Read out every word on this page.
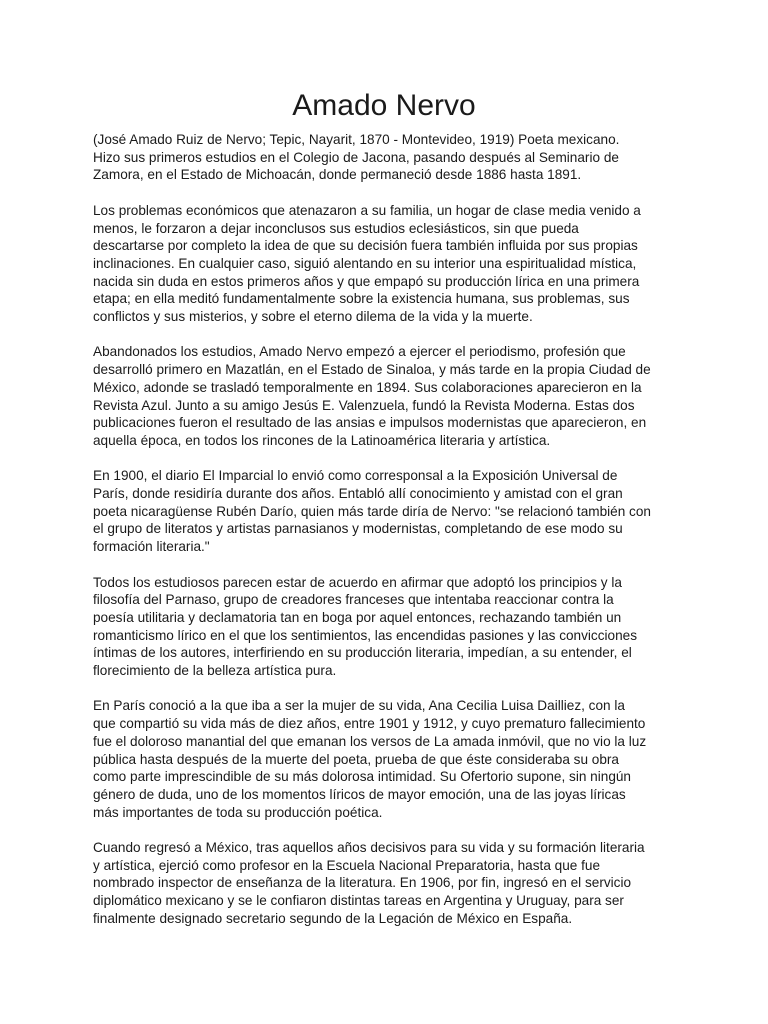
Amado Nervo

(José Amado Ruiz de Nervo; Tepic, Nayarit, 1870 - Montevideo, 1919) Poeta mexicano.
Hizo sus primeros estudios en el Colegio de Jacona, pasando después al Seminario de
Zamora, en el Estado de Michoacán, donde permaneció desde 1886 hasta 1891.

Los problemas económicos que atenazaron a su familia, un hogar de clase media venido a
menos, le forzaron a dejar inconclusos sus estudios eclesiásticos, sin que pueda
descartarse por completo la idea de que su decisión fuera también influida por sus propias
inclinaciones. En cualquier caso, siguió alentando en su interior una espiritualidad mística,
nacida sin duda en estos primeros años y que empapó su producción lírica en una primera
etapa; en ella meditó fundamentalmente sobre la existencia humana, sus problemas, sus
conflictos y sus misterios, y sobre el eterno dilema de la vida y la muerte.

Abandonados los estudios, Amado Nervo empezó a ejercer el periodismo, profesión que
desarrolló primero en Mazatlán, en el Estado de Sinaloa, y más tarde en la propia Ciudad de
México, adonde se trasladó temporalmente en 1894. Sus colaboraciones aparecieron en la
Revista Azul. Junto a su amigo Jesús E. Valenzuela, fundó la Revista Moderna. Estas dos
publicaciones fueron el resultado de las ansias e impulsos modernistas que aparecieron, en
aquella época, en todos los rincones de la Latinoamérica literaria y artística.

En 1900, el diario El Imparcial lo envió como corresponsal a la Exposición Universal de
París, donde residiría durante dos años. Entabló allí conocimiento y amistad con el gran
poeta nicaragüense Rubén Darío, quien más tarde diría de Nervo: "se relacionó también con
el grupo de literatos y artistas parnasianos y modernistas, completando de ese modo su
formación literaria."

Todos los estudiosos parecen estar de acuerdo en afirmar que adoptó los principios y la
filosofía del Parnaso, grupo de creadores franceses que intentaba reaccionar contra la
poesía utilitaria y declamatoria tan en boga por aquel entonces, rechazando también un
romanticismo lírico en el que los sentimientos, las encendidas pasiones y las convicciones
íntimas de los autores, interfiriendo en su producción literaria, impedían, a su entender, el
florecimiento de la belleza artística pura.

En París conoció a la que iba a ser la mujer de su vida, Ana Cecilia Luisa Dailliez, con la
que compartió su vida más de diez años, entre 1901 y 1912, y cuyo prematuro fallecimiento
fue el doloroso manantial del que emanan los versos de La amada inmóvil, que no vio la luz
pública hasta después de la muerte del poeta, prueba de que éste consideraba su obra
como parte imprescindible de su más dolorosa intimidad. Su Ofertorio supone, sin ningún
género de duda, uno de los momentos líricos de mayor emoción, una de las joyas líricas
más importantes de toda su producción poética.

Cuando regresó a México, tras aquellos años decisivos para su vida y su formación literaria
y artística, ejerció como profesor en la Escuela Nacional Preparatoria, hasta que fue
nombrado inspector de enseñanza de la literatura. En 1906, por fin, ingresó en el servicio
diplomático mexicano y se le confiaron distintas tareas en Argentina y Uruguay, para ser
finalmente designado secretario segundo de la Legación de México en España.
